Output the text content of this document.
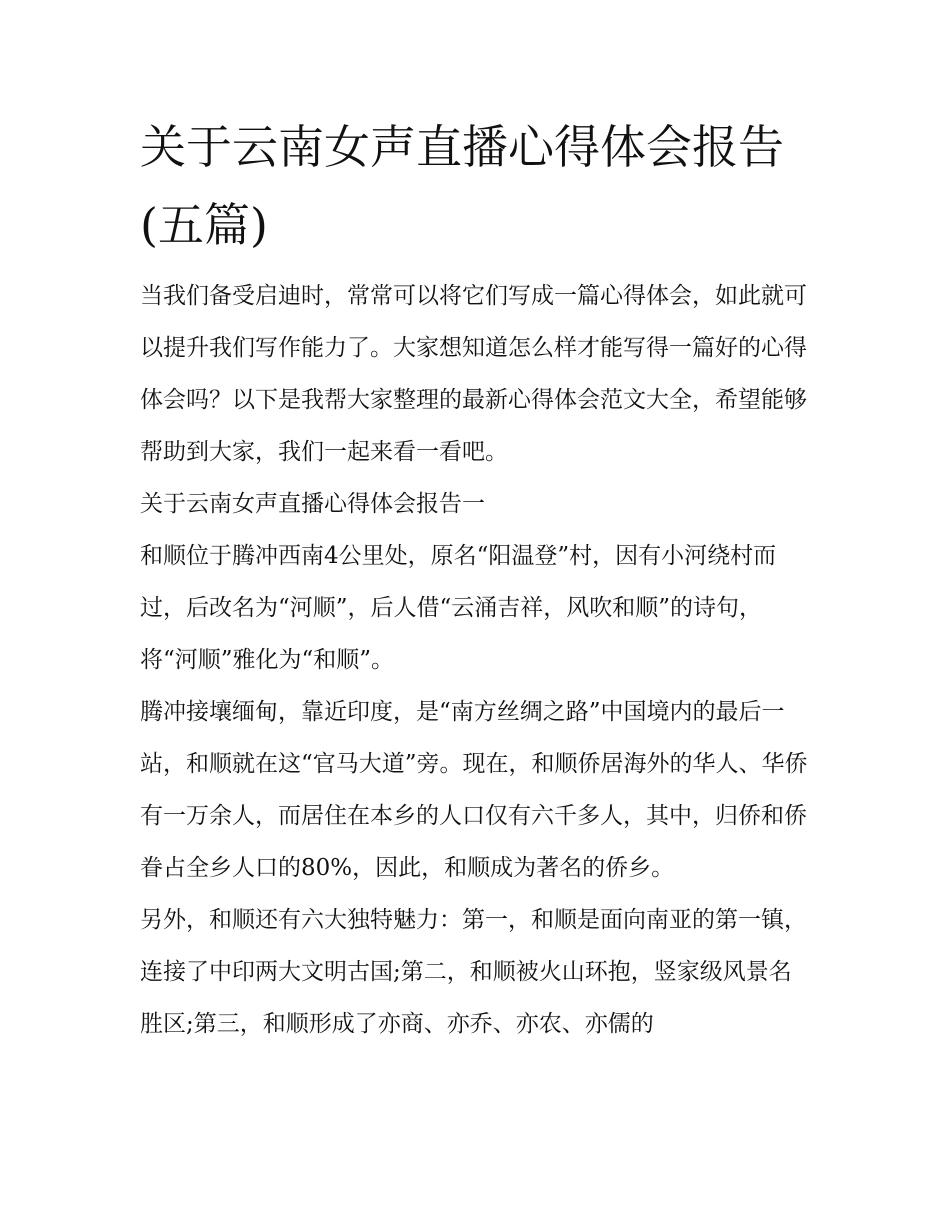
关于云南女声直播心得体会报告(五篇)

当我们备受启迪时，常常可以将它们写成一篇心得体会，如此就可以提升我们写作能力了。大家想知道怎么样才能写得一篇好的心得体会吗？以下是我帮大家整理的最新心得体会范文大全，希望能够帮助到大家，我们一起来看一看吧。

关于云南女声直播心得体会报告一

和顺位于腾冲西南4公里处，原名“阳温登”村，因有小河绕村而过，后改名为“河顺”，后人借“云涌吉祥，风吹和顺”的诗句，将“河顺”雅化为“和顺”。

腾冲接壤缅甸，靠近印度，是“南方丝绸之路”中国境内的最后一站，和顺就在这“官马大道”旁。现在，和顺侨居海外的华人、华侨有一万余人，而居住在本乡的人口仅有六千多人，其中，归侨和侨眷占全乡人口的80%，因此，和顺成为著名的侨乡。

另外，和顺还有六大独特魅力：第一，和顺是面向南亚的第一镇，连接了中印两大文明古国;第二，和顺被火山环抱，竖家级风景名胜区;第三，和顺形成了亦商、亦乔、亦农、亦儒的
